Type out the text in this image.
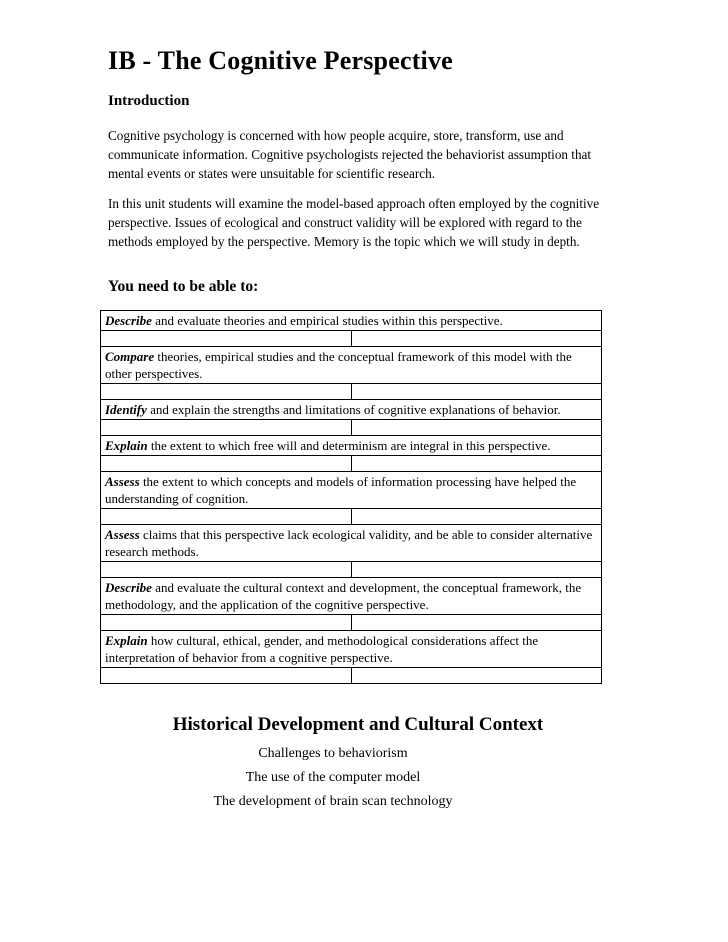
IB - The Cognitive Perspective
Introduction

Cognitive psychology is concerned with how people acquire, store, transform, use and communicate information. Cognitive psychologists rejected the behaviorist assumption that mental events or states were unsuitable for scientific research.

In this unit students will examine the model-based approach often employed by the cognitive perspective. Issues of ecological and construct validity will be explored with regard to the methods employed by the perspective. Memory is the topic which we will study in depth.

You need to be able to:
Describe and evaluate theories and empirical studies within this perspective.	

Compare theories, empirical studies and the conceptual framework of this model with the other perspectives.	

Identify and explain the strengths and limitations of cognitive explanations of behavior.	

Explain the extent to which free will and determinism are integral in this perspective.	

Assess the extent to which concepts and models of information processing have helped the understanding of cognition.	

Assess claims that this perspective lack ecological validity, and be able to consider alternative research methods.	

Describe and evaluate the cultural context and development, the conceptual framework, the methodology, and the application of the cognitive perspective.	

Explain how cultural, ethical, gender, and methodological considerations affect the interpretation of behavior from a cognitive perspective.	

Historical Development and Cultural Context
Challenges to behaviorism
The use of the computer model
The development of brain scan technology
